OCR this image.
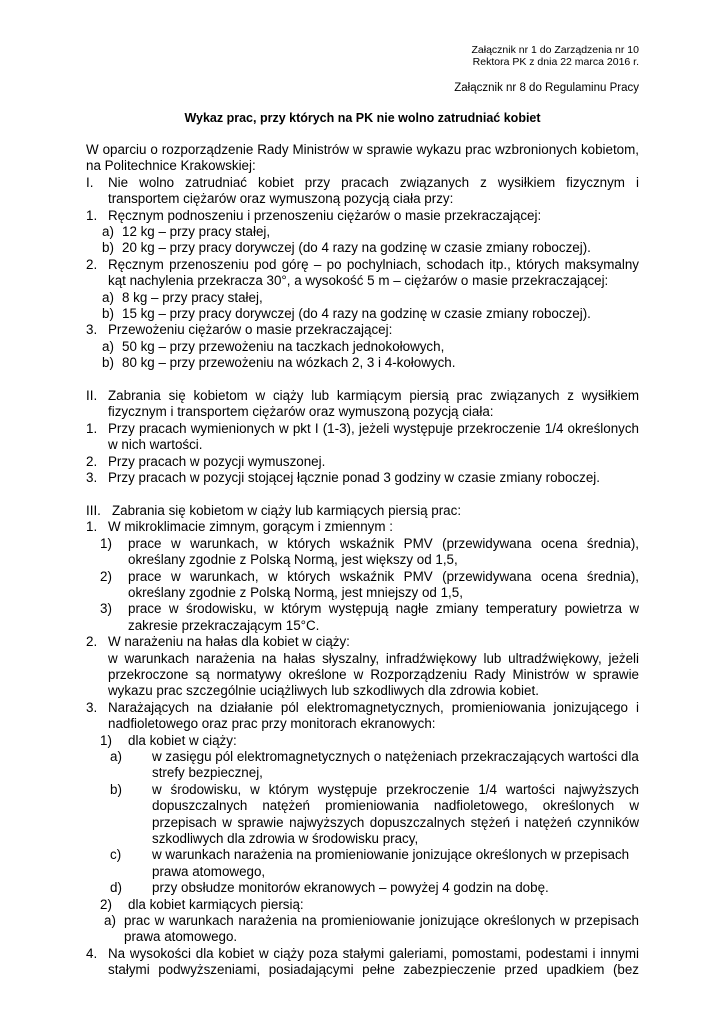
Załącznik nr 1 do Zarządzenia nr 10
Rektora PK z dnia 22 marca 2016 r.
Załącznik nr 8 do Regulaminu Pracy
Wykaz prac, przy których na PK nie wolno zatrudniać kobiet

W oparciu o rozporządzenie Rady Ministrów w sprawie wykazu prac wzbronionych kobietom, na Politechnice Krakowskiej:

I.	Nie wolno zatrudniać kobiet przy pracach związanych z wysiłkiem fizycznym i transportem ciężarów oraz wymuszoną pozycją ciała przy:
1. Ręcznym podnoszeniu i przenoszeniu ciężarów o masie przekraczającej:
a) 12 kg – przy pracy stałej,
b) 20 kg – przy pracy dorywczej (do 4 razy na godzinę w czasie zmiany roboczej).
2. Ręcznym przenoszeniu pod górę – po pochylniach, schodach itp., których maksymalny kąt nachylenia przekracza 30°, a wysokość 5 m – ciężarów o masie przekraczającej:
a) 8 kg – przy pracy stałej,
b) 15 kg – przy pracy dorywczej (do 4 razy na godzinę w czasie zmiany roboczej).
3. Przewożeniu ciężarów o masie przekraczającej:
a) 50 kg – przy przewożeniu na taczkach jednokołowych,
b) 80 kg – przy przewożeniu na wózkach 2, 3 i 4-kołowych.
II. Zabrania się kobietom w ciąży lub karmiącym piersią prac związanych z wysiłkiem fizycznym i transportem ciężarów oraz wymuszoną pozycją ciała:
1. Przy pracach wymienionych w pkt I (1-3), jeżeli występuje przekroczenie 1/4 określonych w nich wartości.
2. Przy pracach w pozycji wymuszonej.
3. Przy pracach w pozycji stojącej łącznie ponad 3 godziny w czasie zmiany roboczej.
III. Zabrania się kobietom w ciąży lub karmiących piersią prac:
1. W mikroklimacie zimnym, gorącym i zmiennym :
1)	prace w warunkach, w których wskaźnik PMV (przewidywana ocena średnia), określany zgodnie z Polską Normą, jest większy od 1,5,
2)	prace w warunkach, w których wskaźnik PMV (przewidywana ocena średnia), określany zgodnie z Polską Normą, jest mniejszy od 1,5,
3)	prace w środowisku, w którym występują nagłe zmiany temperatury powietrza w zakresie przekraczającym 15°C.
2. W narażeniu na hałas dla kobiet w ciąży:

w warunkach narażenia na hałas słyszalny, infradźwiękowy lub ultradźwiękowy, jeżeli przekroczone są normatywy określone w Rozporządzeniu Rady Ministrów w sprawie wykazu prac szczególnie uciążliwych lub szkodliwych dla zdrowia kobiet.

3. Narażających na działanie pól elektromagnetycznych, promieniowania jonizującego i nadfioletowego oraz prac przy monitorach ekranowych:
1)	dla kobiet w ciąży:
a)	w zasięgu pól elektromagnetycznych o natężeniach przekraczających wartości dla strefy bezpiecznej,
b)	w środowisku, w którym występuje przekroczenie 1/4 wartości najwyższych dopuszczalnych natężeń promieniowania nadfioletowego, określonych w przepisach w sprawie najwyższych dopuszczalnych stężeń i natężeń czynników szkodliwych dla zdrowia w środowisku pracy,
c)	w warunkach narażenia na promieniowanie jonizujące określonych w przepisach prawa atomowego,
d)	przy obsłudze monitorów ekranowych – powyżej 4 godzin na dobę.
2)	dla kobiet karmiących piersią:
a) prac w warunkach narażenia na promieniowanie jonizujące określonych w przepisach prawa atomowego.
4. Na wysokości dla kobiet w ciąży poza stałymi galeriami, pomostami, podestami i innymi stałymi podwyższeniami, posiadającymi pełne zabezpieczenie przed upadkiem (bez
